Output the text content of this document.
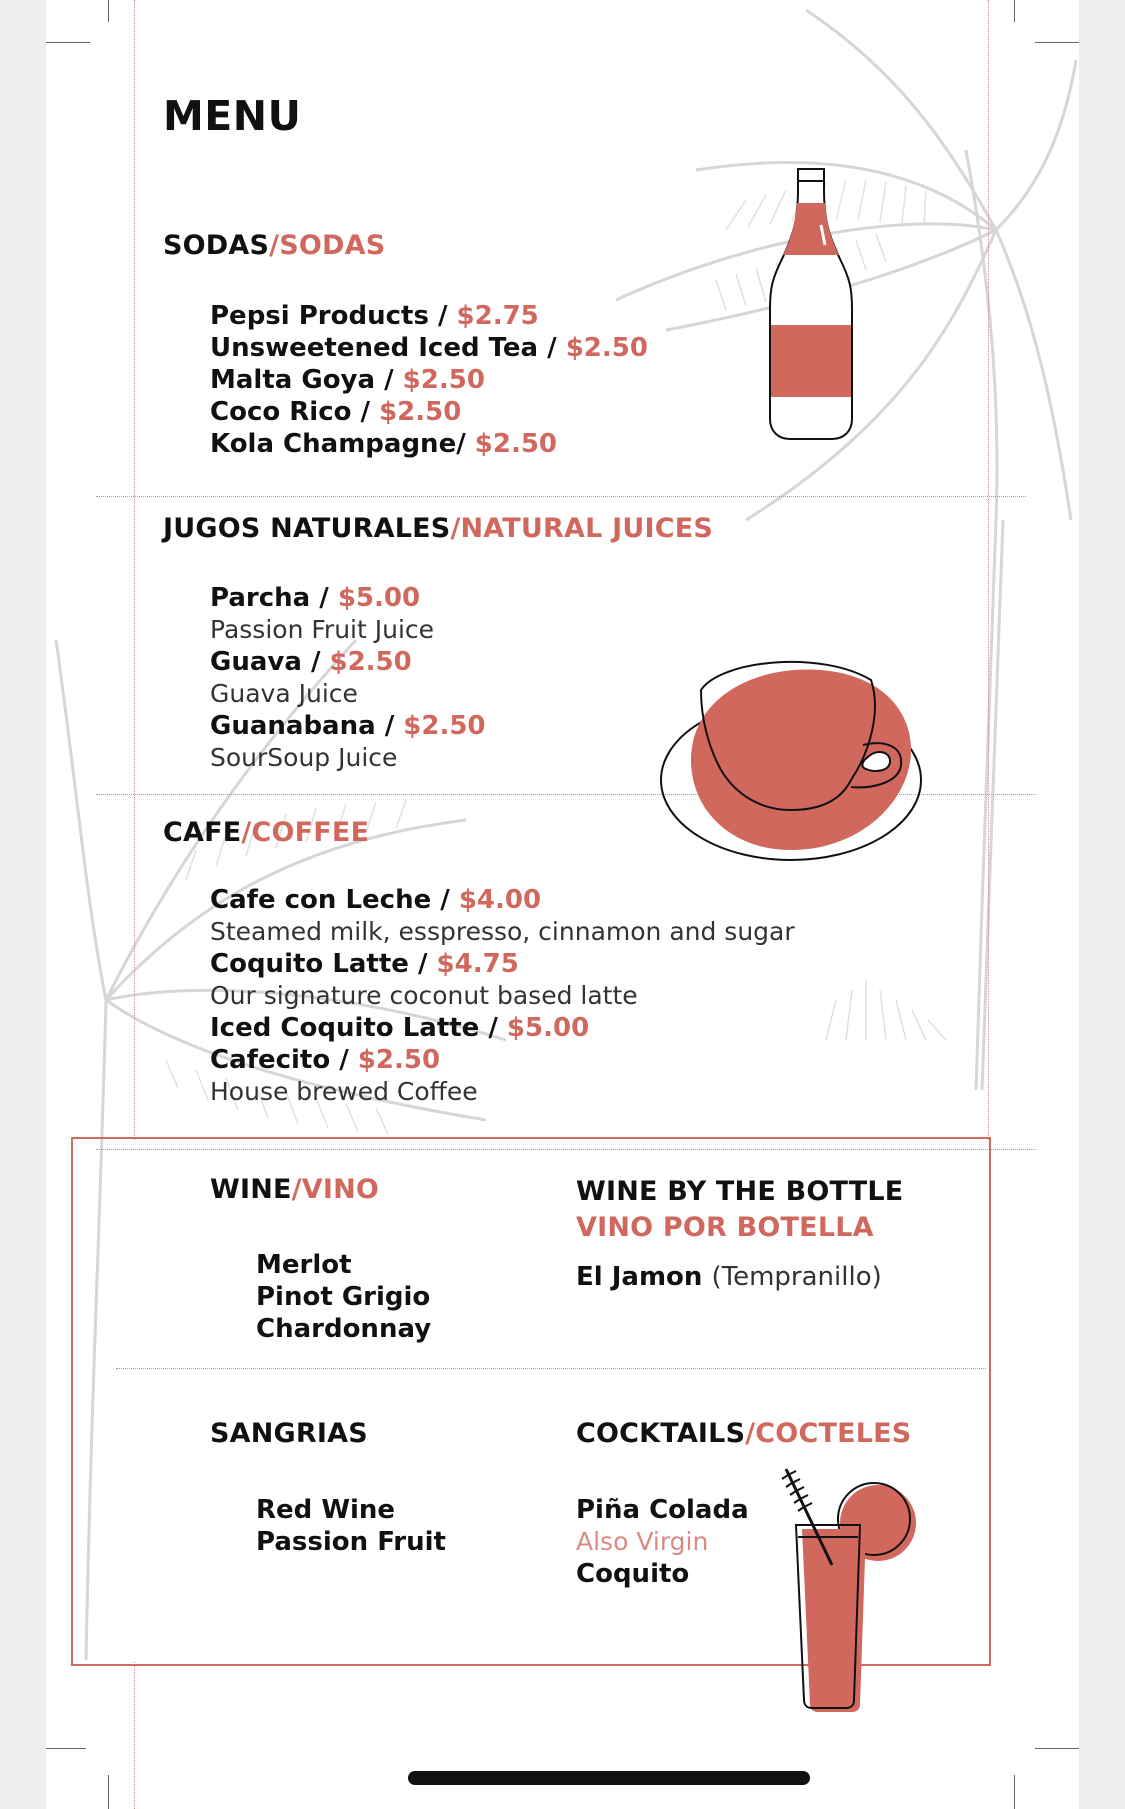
MENU
SODAS/SODAS
Pepsi Products / $2.75
Unsweetened Iced Tea / $2.50
Malta Goya / $2.50
Coco Rico / $2.50
Kola Champagne/ $2.50
JUGOS NATURALES/NATURAL JUICES
Parcha / $5.00
Passion Fruit Juice
Guava / $2.50
Guava Juice
Guanabana / $2.50
SourSoup Juice
CAFE/COFFEE
Cafe con Leche / $4.00
Steamed milk, esspresso, cinnamon and sugar
Coquito Latte / $4.75
Our signature coconut based latte
Iced Coquito Latte / $5.00
Cafecito / $2.50
House brewed Coffee
WINE/VINO
Merlot
Pinot Grigio
Chardonnay
WINE BY THE BOTTLE
VINO POR BOTELLA
El Jamon (Tempranillo)
SANGRIAS
Red Wine
Passion Fruit
COCKTAILS/COCTELES
Piña Colada
Also Virgin
Coquito
